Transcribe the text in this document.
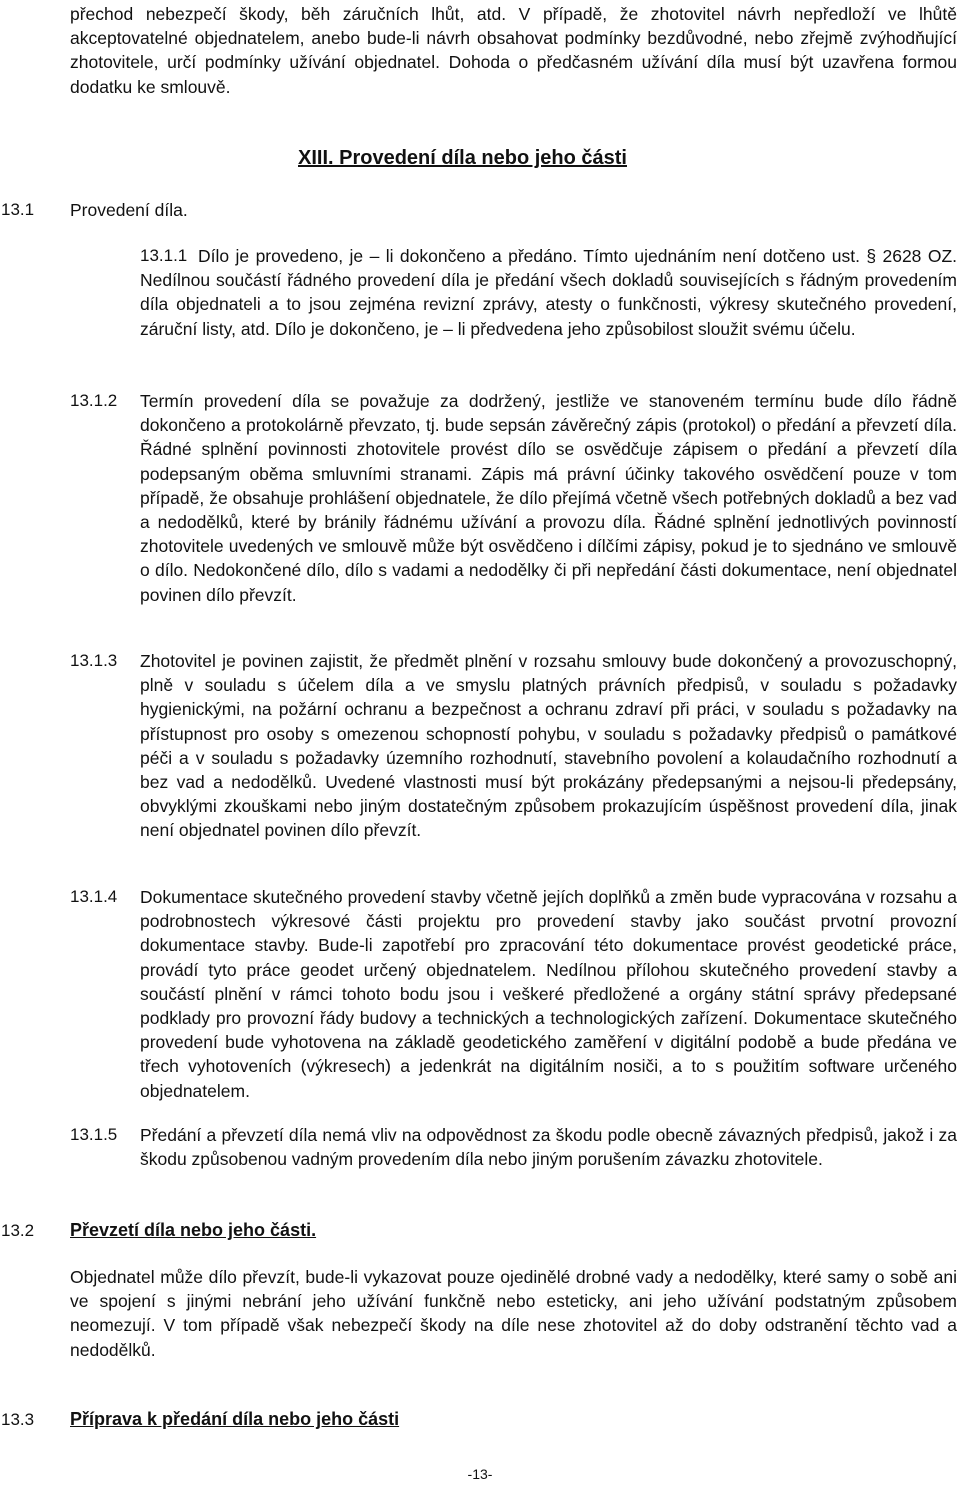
přechod nebezpečí škody, běh záručních lhůt, atd. V případě, že zhotovitel návrh nepředloží ve lhůtě akceptovatelné objednatelem, anebo bude-li návrh obsahovat podmínky bezdůvodné, nebo zřejmě zvýhodňující zhotovitele, určí podmínky užívání objednatel. Dohoda o předčasném užívání díla musí být uzavřena formou dodatku ke smlouvě.

XIII. Provedení díla nebo jeho části

13.1 Provedení díla.

13.1.1 Dílo je provedeno, je – li dokončeno a předáno. Tímto ujednáním není dotčeno ust. § 2628 OZ. Nedílnou součástí řádného provedení díla je předání všech dokladů souvisejících s řádným provedením díla objednateli a to jsou zejména revizní zprávy, atesty o funkčnosti, výkresy skutečného provedení, záruční listy, atd. Dílo je dokončeno, je – li předvedena jeho způsobilost sloužit svému účelu.

13.1.2 Termín provedení díla se považuje za dodržený, jestliže ve stanoveném termínu bude dílo řádně dokončeno a protokolárně převzato, tj. bude sepsán závěrečný zápis (protokol) o předání a převzetí díla. Řádné splnění povinnosti zhotovitele provést dílo se osvědčuje zápisem o předání a převzetí díla podepsaným oběma smluvními stranami. Zápis má právní účinky takového osvědčení pouze v tom případě, že obsahuje prohlášení objednatele, že dílo přejímá včetně všech potřebných dokladů a bez vad a nedodělků, které by bránily řádnému užívání a provozu díla. Řádné splnění jednotlivých povinností zhotovitele uvedených ve smlouvě může být osvědčeno i dílčími zápisy, pokud je to sjednáno ve smlouvě o dílo. Nedokončené dílo, dílo s vadami a nedodělky či při nepředání části dokumentace, není objednatel povinen dílo převzít.

13.1.3 Zhotovitel je povinen zajistit, že předmět plnění v rozsahu smlouvy bude dokončený a provozuschopný, plně v souladu s účelem díla a ve smyslu platných právních předpisů, v souladu s požadavky hygienickými, na požární ochranu a bezpečnost a ochranu zdraví při práci, v souladu s požadavky na přístupnost pro osoby s omezenou schopností pohybu, v souladu s požadavky předpisů o památkové péči a v souladu s požadavky územního rozhodnutí, stavebního povolení a kolaudačního rozhodnutí a bez vad a nedodělků. Uvedené vlastnosti musí být prokázány předepsanými a nejsou-li předepsány, obvyklými zkouškami nebo jiným dostatečným způsobem prokazujícím úspěšnost provedení díla, jinak není objednatel povinen dílo převzít.

13.1.4 Dokumentace skutečného provedení stavby včetně jejích doplňků a změn bude vypracována v rozsahu a podrobnostech výkresové části projektu pro provedení stavby jako součást prvotní provozní dokumentace stavby. Bude-li zapotřebí pro zpracování této dokumentace provést geodetické práce, provádí tyto práce geodet určený objednatelem. Nedílnou přílohou skutečného provedení stavby a součástí plnění v rámci tohoto bodu jsou i veškeré předložené a orgány státní správy předepsané podklady pro provozní řády budovy a technických a technologických zařízení. Dokumentace skutečného provedení bude vyhotovena na základě geodetického zaměření v digitální podobě a bude předána ve třech vyhotoveních (výkresech) a jedenkrát na digitálním nosiči, a to s použitím software určeného objednatelem.

13.1.5 Předání a převzetí díla nemá vliv na odpovědnost za škodu podle obecně závazných předpisů, jakož i za škodu způsobenou vadným provedením díla nebo jiným porušením závazku zhotovitele.

13.2 Převzetí díla nebo jeho části.

Objednatel může dílo převzít, bude-li vykazovat pouze ojedinělé drobné vady a nedodělky, které samy o sobě ani ve spojení s jinými nebrání jeho užívání funkčně nebo esteticky, ani jeho užívání podstatným způsobem neomezují. V tom případě však nebezpečí škody na díle nese zhotovitel až do doby odstranění těchto vad a nedodělků.

13.3 Příprava k předání díla nebo jeho části

-13-
